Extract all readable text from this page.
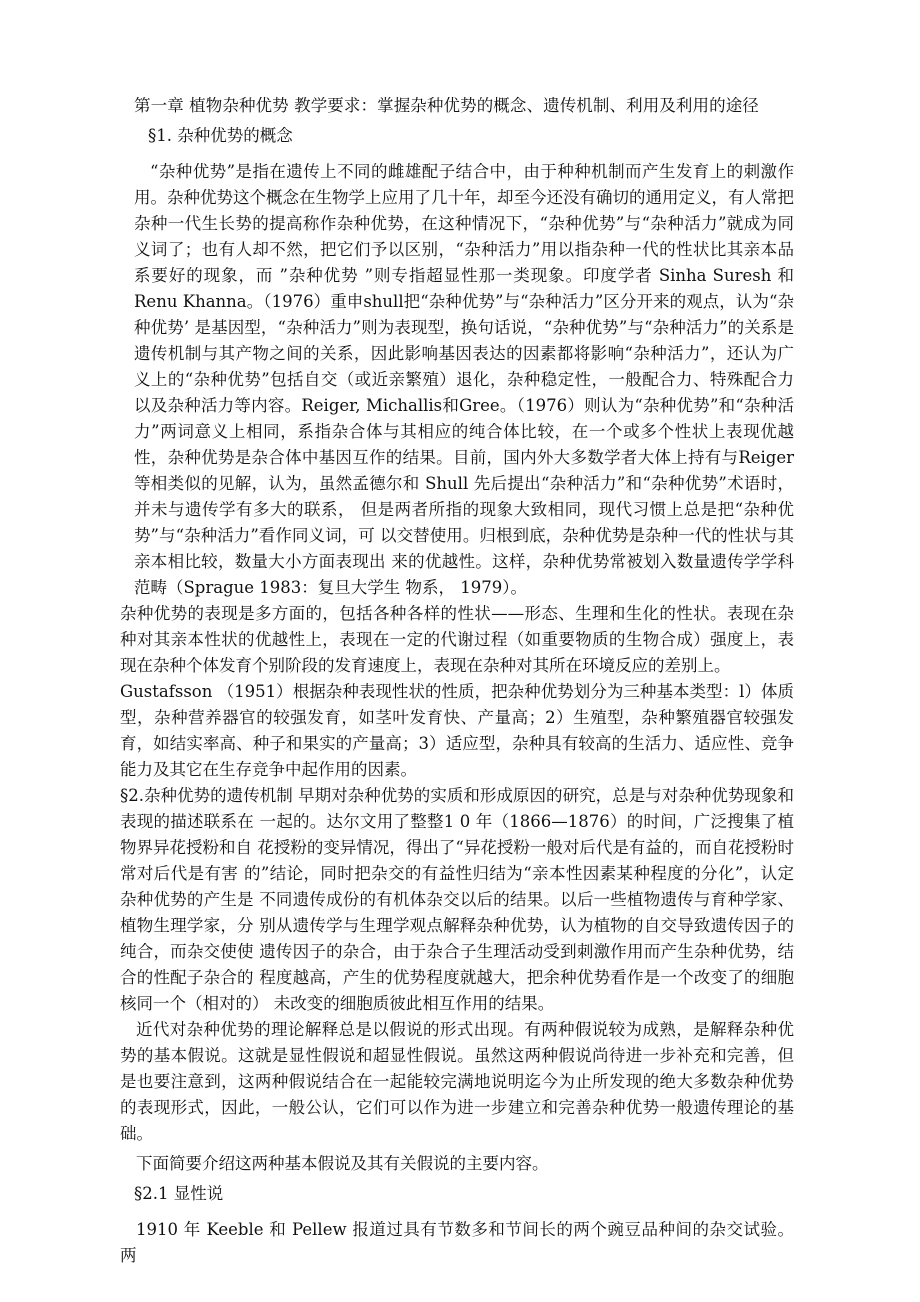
第一章 植物杂种优势 教学要求：掌握杂种优势的概念、遗传机制、利用及利用的途径

§1. 杂种优势的概念

“杂种优势”是指在遗传上不同的雌雄配子结合中，由于种种机制而产生发育上的刺激作用。杂种优势这个概念在生物学上应用了几十年，却至今还没有确切的通用定义，有人常把杂种一代生长势的提高称作杂种优势，在这种情况下，“杂种优势”与“杂种活力”就成为同义词了；也有人却不然，把它们予以区别，“杂种活力”用以指杂种一代的性状比其亲本品系要好的现象，而 ”杂种优势 ”则专指超显性那一类现象。印度学者 Sinha Suresh 和 Renu Khanna。（1976）重申shull把“杂种优势”与“杂种活力”区分开来的观点，认为“杂种优势’ 是基因型，“杂种活力”则为表现型，换句话说，“杂种优势”与“杂种活力”的关系是遗传机制与其产物之间的关系，因此影响基因表达的因素都将影响“杂种活力”，还认为广义上的“杂种优势”包括自交（或近亲繁殖）退化，杂种稳定性，一般配合力、特殊配合力以及杂种活力等内容。Reiger, Michallis和Gree。（1976）则认为“杂种优势”和“杂种活力”两词意义上相同，系指杂合体与其相应的纯合体比较，在一个或多个性状上表现优越性，杂种优势是杂合体中基因互作的结果。目前，国内外大多数学者大体上持有与Reiger等相类似的见解，认为，虽然孟德尔和 Shull 先后提出“杂种活力”和“杂种优势”术语时，并未与遗传学有多大的联系， 但是两者所指的现象大致相同，现代习惯上总是把“杂种优势”与“杂种活力”看作同义词，可 以交替使用。归根到底，杂种优势是杂种一代的性状与其亲本相比较，数量大小方面表现出 来的优越性。这样，杂种优势常被划入数量遗传学学科范畴（Sprague 1983：复旦大学生 物系， 1979）。

杂种优势的表现是多方面的，包括各种各样的性状——形态、生理和生化的性状。表现在杂种对其亲本性状的优越性上，表现在一定的代谢过程（如重要物质的生物合成）强度上，表现在杂种个体发育个别阶段的发育速度上，表现在杂种对其所在环境反应的差别上。

Gustafsson （1951）根据杂种表现性状的性质，把杂种优势划分为三种基本类型：l）体质型，杂种营养器官的较强发育，如茎叶发育快、产量高；2）生殖型，杂种繁殖器官较强发育，如结实率高、种子和果实的产量高；3）适应型，杂种具有较高的生活力、适应性、竞争能力及其它在生存竞争中起作用的因素。

§2.杂种优势的遗传机制 早期对杂种优势的实质和形成原因的研究，总是与对杂种优势现象和表现的描述联系在 一起的。达尔文用了整整1 0 年（1866—1876）的时间，广泛搜集了植物界异花授粉和自 花授粉的变异情况，得出了“异花授粉一般对后代是有益的，而自花授粉时常对后代是有害 的”结论，同时把杂交的有益性归结为“亲本性因素某种程度的分化”，认定杂种优势的产生是 不同遗传成份的有机体杂交以后的结果。以后一些植物遗传与育种学家、植物生理学家，分 别从遗传学与生理学观点解释杂种优势，认为植物的自交导致遗传因子的纯合，而杂交使使 遗传因子的杂合，由于杂合子生理活动受到刺激作用而产生杂种优势，结合的性配子杂合的 程度越高，产生的优势程度就越大，把余种优势看作是一个改变了的细胞核同一个（相对的） 未改变的细胞质彼此相互作用的结果。

近代对杂种优势的理论解释总是以假说的形式出现。有两种假说较为成熟，是解释杂种优势的基本假说。这就是显性假说和超显性假说。虽然这两种假说尚待进一步补充和完善，但是也要注意到，这两种假说结合在一起能较完满地说明迄今为止所发现的绝大多数杂种优势的表现形式，因此，一般公认，它们可以作为进一步建立和完善杂种优势一般遗传理论的基础。

下面简要介绍这两种基本假说及其有关假说的主要内容。

§2.1 显性说

1910 年 Keeble 和 Pellew 报道过具有节数多和节间长的两个豌豆品种间的杂交试验。两
